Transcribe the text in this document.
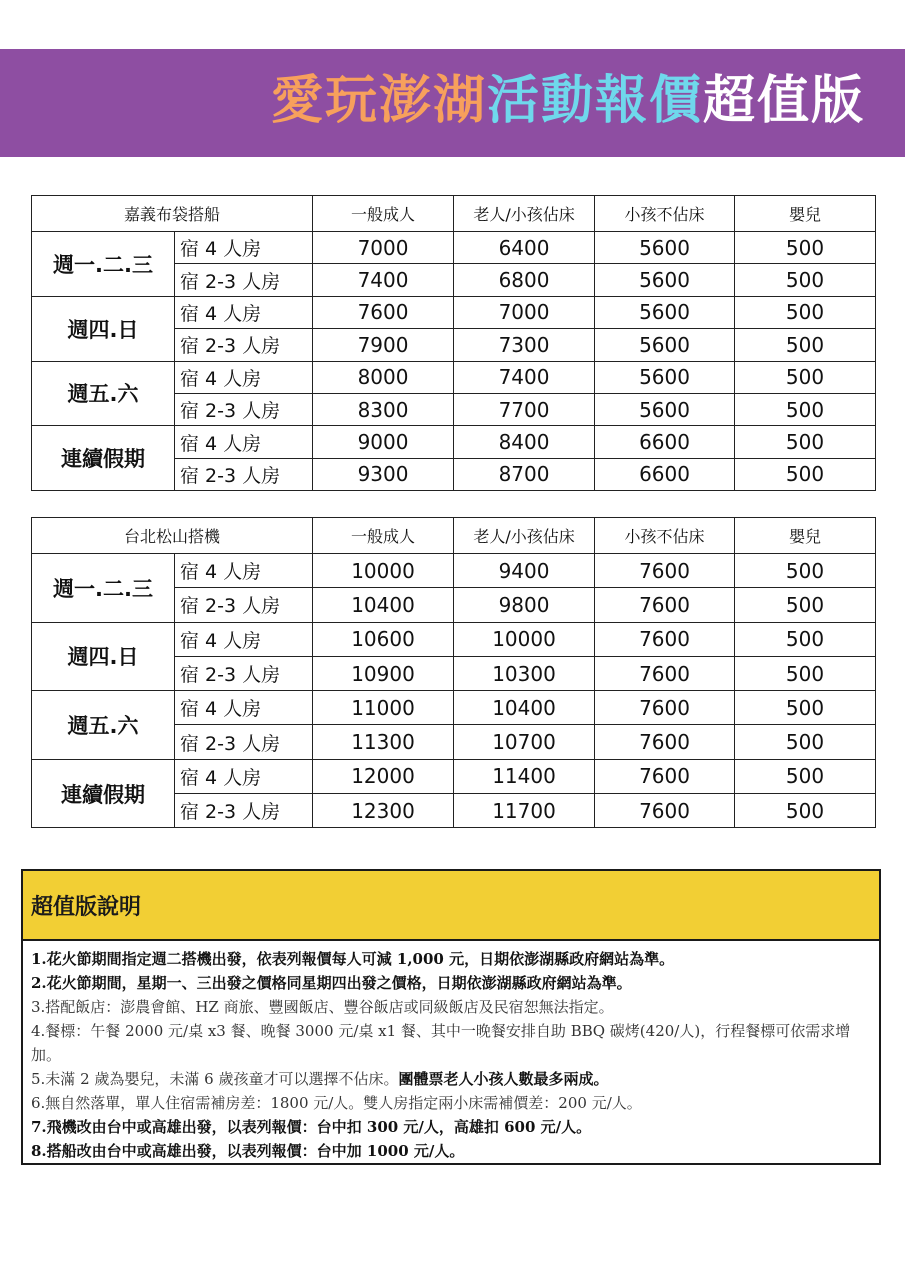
愛玩澎湖活動報價超值版
嘉義布袋搭船		一般成人	老人/小孩佔床	小孩不佔床	嬰兒
週一.二.三	宿 4 人房	7000	6400	5600	500
	宿 2-3 人房	7400	6800	5600	500
週四.日	宿 4 人房	7600	7000	5600	500
	宿 2-3 人房	7900	7300	5600	500
週五.六	宿 4 人房	8000	7400	5600	500
	宿 2-3 人房	8300	7700	5600	500
連續假期	宿 4 人房	9000	8400	6600	500
	宿 2-3 人房	9300	8700	6600	500
台北松山搭機		一般成人	老人/小孩佔床	小孩不佔床	嬰兒
週一.二.三	宿 4 人房	10000	9400	7600	500
	宿 2-3 人房	10400	9800	7600	500
週四.日	宿 4 人房	10600	10000	7600	500
	宿 2-3 人房	10900	10300	7600	500
週五.六	宿 4 人房	11000	10400	7600	500
	宿 2-3 人房	11300	10700	7600	500
連續假期	宿 4 人房	12000	11400	7600	500
	宿 2-3 人房	12300	11700	7600	500
超值版說明

1.花火節期間指定週二搭機出發，依表列報價每人可減 1,000 元，日期依澎湖縣政府網站為準。

2.花火節期間，星期一、三出發之價格同星期四出發之價格，日期依澎湖縣政府網站為準。

3.搭配飯店：澎農會館、HZ 商旅、豐國飯店、豐谷飯店或同級飯店及民宿恕無法指定。

4.餐標：午餐 2000 元/桌 x3 餐、晚餐 3000 元/桌 x1 餐、其中一晚餐安排自助 BBQ 碳烤(420/人)，行程餐標可依需求增加。

5.未滿 2 歲為嬰兒，未滿 6 歲孩童才可以選擇不佔床。團體票老人小孩人數最多兩成。

6.無自然落單，單人住宿需補房差：1800 元/人。雙人房指定兩小床需補價差：200 元/人。

7.飛機改由台中或高雄出發，以表列報價：台中扣 300 元/人，高雄扣 600 元/人。

8.搭船改由台中或高雄出發，以表列報價：台中加 1000 元/人。
